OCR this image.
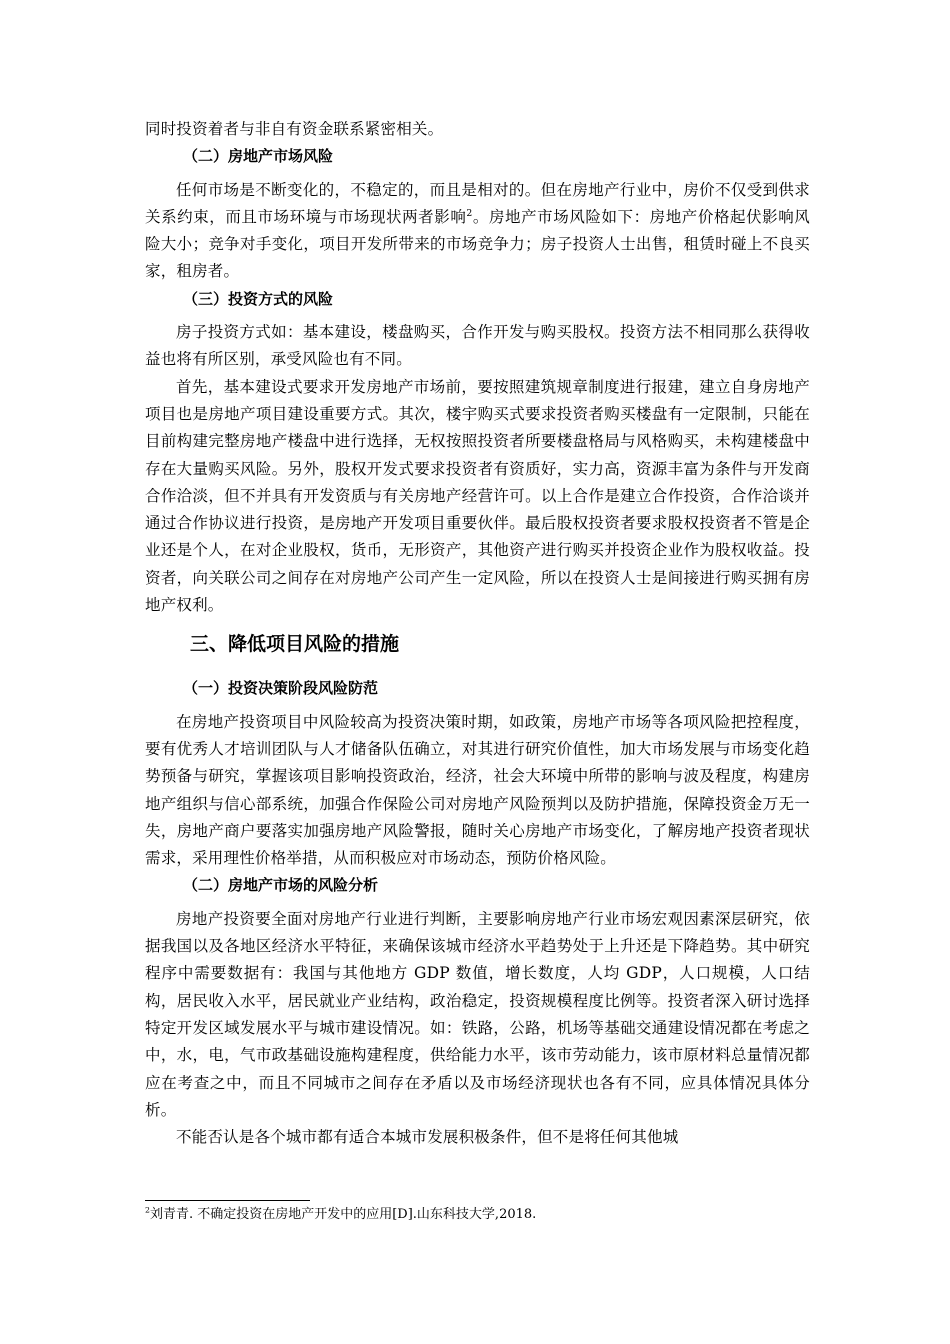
同时投资着者与非自有资金联系紧密相关。

（二）房地产市场风险

任何市场是不断变化的，不稳定的，而且是相对的。但在房地产行业中，房价不仅受到供求关系约束，而且市场环境与市场现状两者影响$^2$。房地产市场风险如下：房地产价格起伏影响风险大小；竞争对手变化，项目开发所带来的市场竞争力；房子投资人士出售，租赁时碰上不良买家，租房者。

（三）投资方式的风险

房子投资方式如：基本建设，楼盘购买，合作开发与购买股权。投资方法不相同那么获得收益也将有所区别，承受风险也有不同。

首先，基本建设式要求开发房地产市场前，要按照建筑规章制度进行报建，建立自身房地产项目也是房地产项目建设重要方式。其次，楼宇购买式要求投资者购买楼盘有一定限制，只能在目前构建完整房地产楼盘中进行选择，无权按照投资者所要楼盘格局与风格购买，未构建楼盘中存在大量购买风险。另外，股权开发式要求投资者有资质好，实力高，资源丰富为条件与开发商合作洽淡，但不并具有开发资质与有关房地产经营许可。以上合作是建立合作投资，合作洽谈并通过合作协议进行投资，是房地产开发项目重要伙伴。最后股权投资者要求股权投资者不管是企业还是个人，在对企业股权，货币，无形资产，其他资产进行购买并投资企业作为股权收益。投资者，向关联公司之间存在对房地产公司产生一定风险，所以在投资人士是间接进行购买拥有房地产权利。

三、降低项目风险的措施

（一）投资决策阶段风险防范

在房地产投资项目中风险较高为投资决策时期，如政策，房地产市场等各项风险把控程度，要有优秀人才培训团队与人才储备队伍确立，对其进行研究价值性，加大市场发展与市场变化趋势预备与研究，掌握该项目影响投资政治，经济，社会大环境中所带的影响与波及程度，构建房地产组织与信心部系统，加强合作保险公司对房地产风险预判以及防护措施，保障投资金万无一失，房地产商户要落实加强房地产风险警报，随时关心房地产市场变化，了解房地产投资者现状需求，采用理性价格举措，从而积极应对市场动态，预防价格风险。

（二）房地产市场的风险分析

房地产投资要全面对房地产行业进行判断，主要影响房地产行业市场宏观因素深层研究，依据我国以及各地区经济水平特征，来确保该城市经济水平趋势处于上升还是下降趋势。其中研究程序中需要数据有：我国与其他地方 GDP 数值，增长数度，人均 GDP，人口规模，人口结构，居民收入水平，居民就业产业结构，政治稳定，投资规模程度比例等。投资者深入研讨选择特定开发区域发展水平与城市建设情况。如：铁路，公路，机场等基础交通建设情况都在考虑之中，水，电，气市政基础设施构建程度，供给能力水平，该市劳动能力，该市原材料总量情况都应在考查之中，而且不同城市之间存在矛盾以及市场经济现状也各有不同，应具体情况具体分析。

不能否认是各个城市都有适合本城市发展积极条件，但不是将任何其他城

$^2$刘青青. 不确定投资在房地产开发中的应用[D].山东科技大学,2018.
